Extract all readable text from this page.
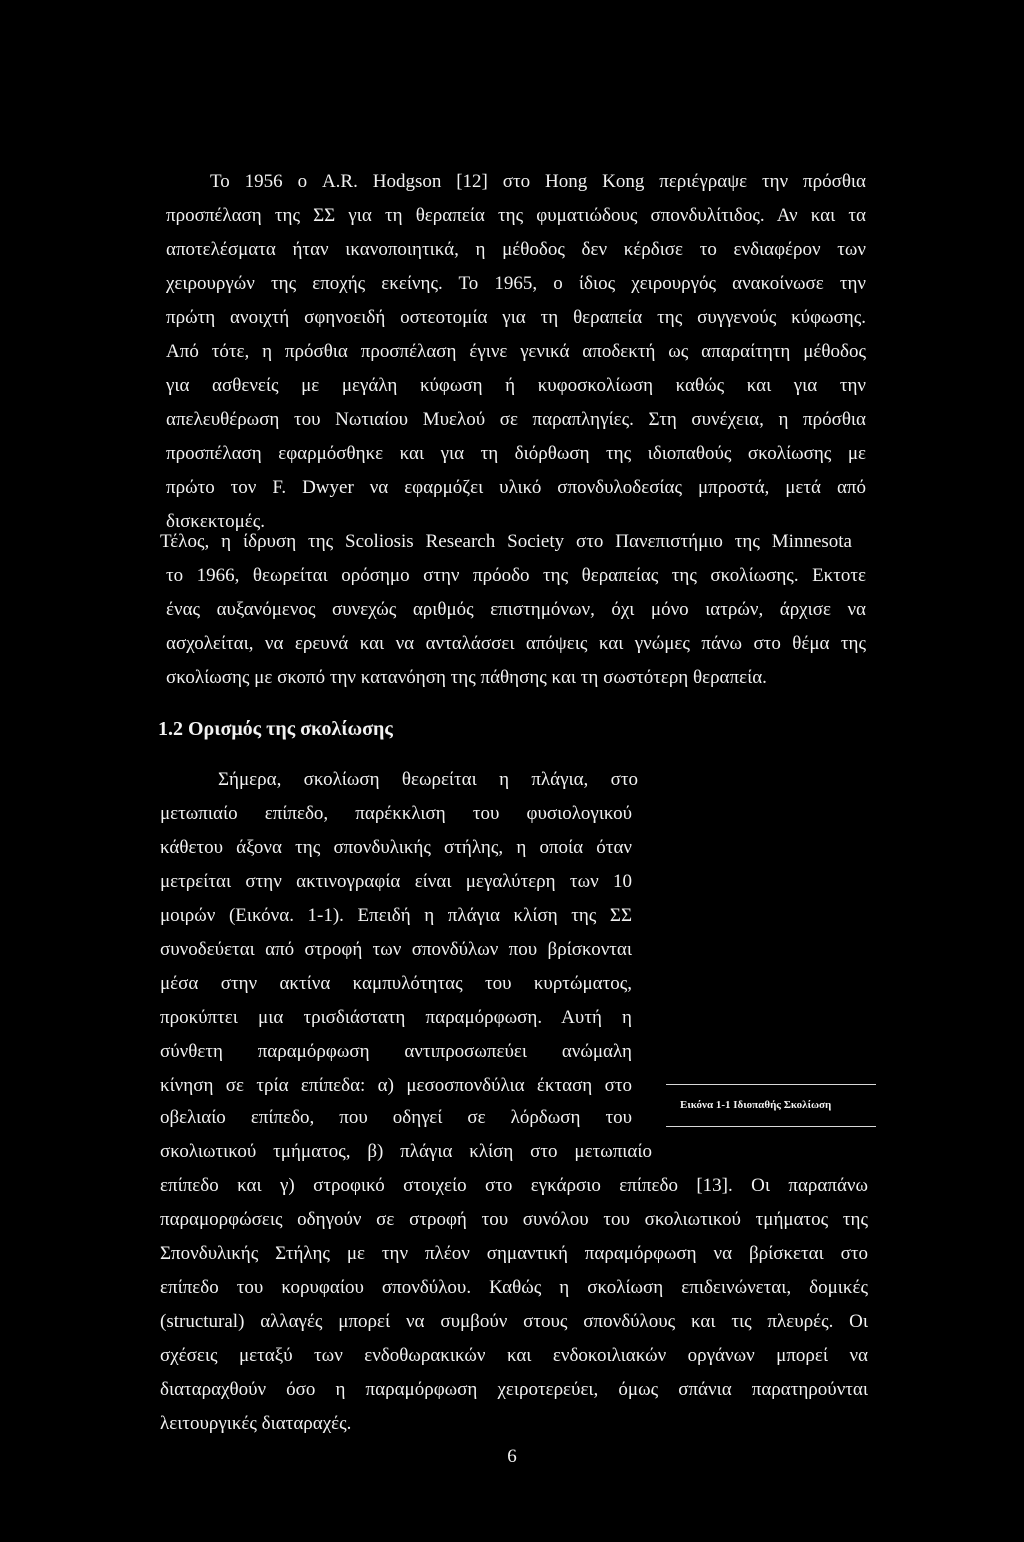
Το 1956 ο A.R. Hodgson [12] στο Hong Kong περιέγραψε την πρόσθια
προσπέλαση της ΣΣ για τη θεραπεία της φυματιώδους σπονδυλίτιδος. Αν και τα
αποτελέσματα ήταν ικανοποιητικά, η μέθοδος δεν κέρδισε το ενδιαφέρον των
χειρουργών της εποχής εκείνης. Το 1965, ο ίδιος χειρουργός ανακοίνωσε την
πρώτη ανοιχτή σφηνοειδή οστεοτομία για τη θεραπεία της συγγενούς κύφωσης.
Από τότε, η πρόσθια προσπέλαση έγινε γενικά αποδεκτή ως απαραίτητη μέθοδος
για ασθενείς με μεγάλη κύφωση ή κυφοσκολίωση καθώς και για την
απελευθέρωση του Νωτιαίου Μυελού σε παραπληγίες. Στη συνέχεια, η πρόσθια
προσπέλαση εφαρμόσθηκε και για τη διόρθωση της ιδιοπαθούς σκολίωσης με
πρώτο τον F. Dwyer να εφαρμόζει υλικό σπονδυλοδεσίας μπροστά, μετά από
δισκεκτομές.
Τέλος, η ίδρυση της Scoliosis Research Society στο Πανεπιστήμιο της Minnesota
το 1966, θεωρείται ορόσημο στην πρόοδο της θεραπείας της σκολίωσης. Εκτοτε
ένας αυξανόμενος συνεχώς αριθμός επιστημόνων, όχι μόνο ιατρών, άρχισε να
ασχολείται, να ερευνά και να ανταλάσσει απόψεις και γνώμες πάνω στο θέμα της
σκολίωσης με σκοπό την κατανόηση της πάθησης και τη σωστότερη θεραπεία.
1.2 Ορισμός της σκολίωσης
Σήμερα, σκολίωση θεωρείται η πλάγια, στο
μετωπιαίο επίπεδο, παρέκκλιση του φυσιολογικού
κάθετου άξονα της σπονδυλικής στήλης, η οποία όταν
μετρείται στην ακτινογραφία είναι μεγαλύτερη των 10
μοιρών (Εικόνα. 1-1). Επειδή η πλάγια κλίση της ΣΣ
συνοδεύεται από στροφή των σπονδύλων που βρίσκονται
μέσα στην ακτίνα καμπυλότητας του κυρτώματος,
προκύπτει μια τρισδιάστατη παραμόρφωση. Αυτή η
σύνθετη παραμόρφωση αντιπροσωπεύει ανώμαλη
κίνηση σε τρία επίπεδα: α) μεσοσπονδύλια έκταση στο
οβελιαίο επίπεδο, που οδηγεί σε λόρδωση του
σκολιωτικού τμήματος, β) πλάγια κλίση στο μετωπιαίο
Εικόνα 1-1 Ιδιοπαθής Σκολίωση
επίπεδο και γ) στροφικό στοιχείο στο εγκάρσιο επίπεδο [13]. Οι παραπάνω
παραμορφώσεις οδηγούν σε στροφή του συνόλου του σκολιωτικού τμήματος της
Σπονδυλικής Στήλης με την πλέον σημαντική παραμόρφωση να βρίσκεται στο
επίπεδο του κορυφαίου σπονδύλου. Καθώς η σκολίωση επιδεινώνεται, δομικές
(structural) αλλαγές μπορεί να συμβούν στους σπονδύλους και τις πλευρές. Οι
σχέσεις μεταξύ των ενδοθωρακικών και ενδοκοιλιακών οργάνων μπορεί να
διαταραχθούν όσο η παραμόρφωση χειροτερεύει, όμως σπάνια παρατηρούνται
λειτουργικές διαταραχές.
6
